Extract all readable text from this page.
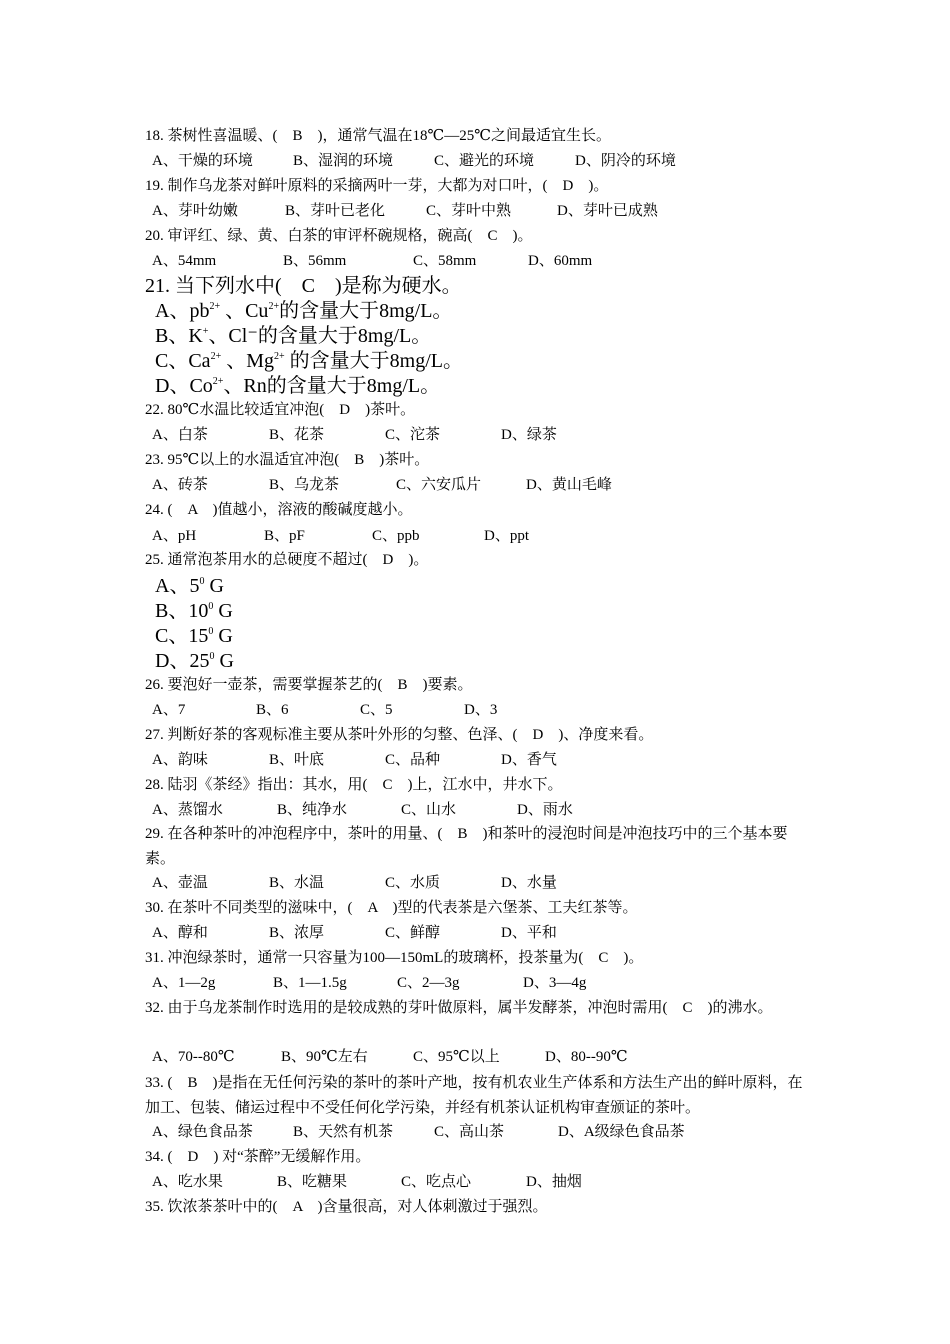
18. 茶树性喜温暖、(　B　)，通常气温在18℃—25℃之间最适宜生长。
A、干燥的环境	B、湿润的环境	C、避光的环境	D、阴冷的环境
19. 制作乌龙茶对鲜叶原料的采摘两叶一芽，大都为对口叶，(　D　)。
A、芽叶幼嫩	B、芽叶已老化	C、芽叶中熟	D、芽叶已成熟
20. 审评红、绿、黄、白茶的审评杯碗规格，碗高(　C　)。
A、54mm	B、56mm	C、58mm	D、60mm
21. 当下列水中(　C　)是称为硬水。
A、$pb^{2+}$ 、$Cu^{2+}$的含量大于8mg/L。
B、K+、Cl⁻的含量大于8mg/L。
C、$Ca^{2+}$ 、$Mg^{2+}$ 的含量大于8mg/L。
D、$Co^{2+}$、Rn的含量大于8mg/L。
22. 80℃水温比较适宜冲泡(　D　)茶叶。
A、白茶	B、花茶	C、沱茶	D、绿茶
23. 95℃以上的水温适宜冲泡(　B　)茶叶。
A、砖茶	B、乌龙茶	C、六安瓜片	D、黄山毛峰
24. (　A　)值越小，溶液的酸碱度越小。
A、pH	B、pF	C、ppb	D、ppt
25. 通常泡茶用水的总硬度不超过(　D　)。
A、$5^0$ G
B、$10^0$ G
C、$15^0$ G
D、$25^0$ G
26. 要泡好一壶茶，需要掌握茶艺的(　B　)要素。
A、7	B、6	C、5	D、3
27. 判断好茶的客观标准主要从茶叶外形的匀整、色泽、(　D　)、净度来看。
A、韵味	B、叶底	C、品种	D、香气
28. 陆羽《茶经》指出：其水，用(　C　)上，江水中，井水下。
A、蒸馏水	B、纯净水	C、山水	D、雨水
29. 在各种茶叶的冲泡程序中，茶叶的用量、(　B　)和茶叶的浸泡时间是冲泡技巧中的三个基本要素。
A、壶温	B、水温	C、水质	D、水量
30. 在茶叶不同类型的滋味中，(　A　)型的代表茶是六堡茶、工夫红茶等。
A、醇和	B、浓厚	C、鲜醇	D、平和
31. 冲泡绿茶时，通常一只容量为100—150mL的玻璃杯，投茶量为(　C　)。
A、1—2g	B、1—1.5g	C、2—3g	D、3—4g
32. 由于乌龙茶制作时选用的是较成熟的芽叶做原料，属半发酵茶，冲泡时需用(　C　)的沸水。
A、70--80℃	B、90℃左右	C、95℃以上	D、80--90℃
33. (　B　)是指在无任何污染的茶叶的茶叶产地，按有机农业生产体系和方法生产出的鲜叶原料，在加工、包装、储运过程中不受任何化学污染，并经有机茶认证机构审查颁证的茶叶。
A、绿色食品茶	B、天然有机茶	C、高山茶	D、A级绿色食品茶
34. (　D　) 对“茶醉”无缓解作用。
A、吃水果	B、吃糖果	C、吃点心	D、抽烟
35. 饮浓茶茶叶中的(　A　)含量很高，对人体刺激过于强烈。
